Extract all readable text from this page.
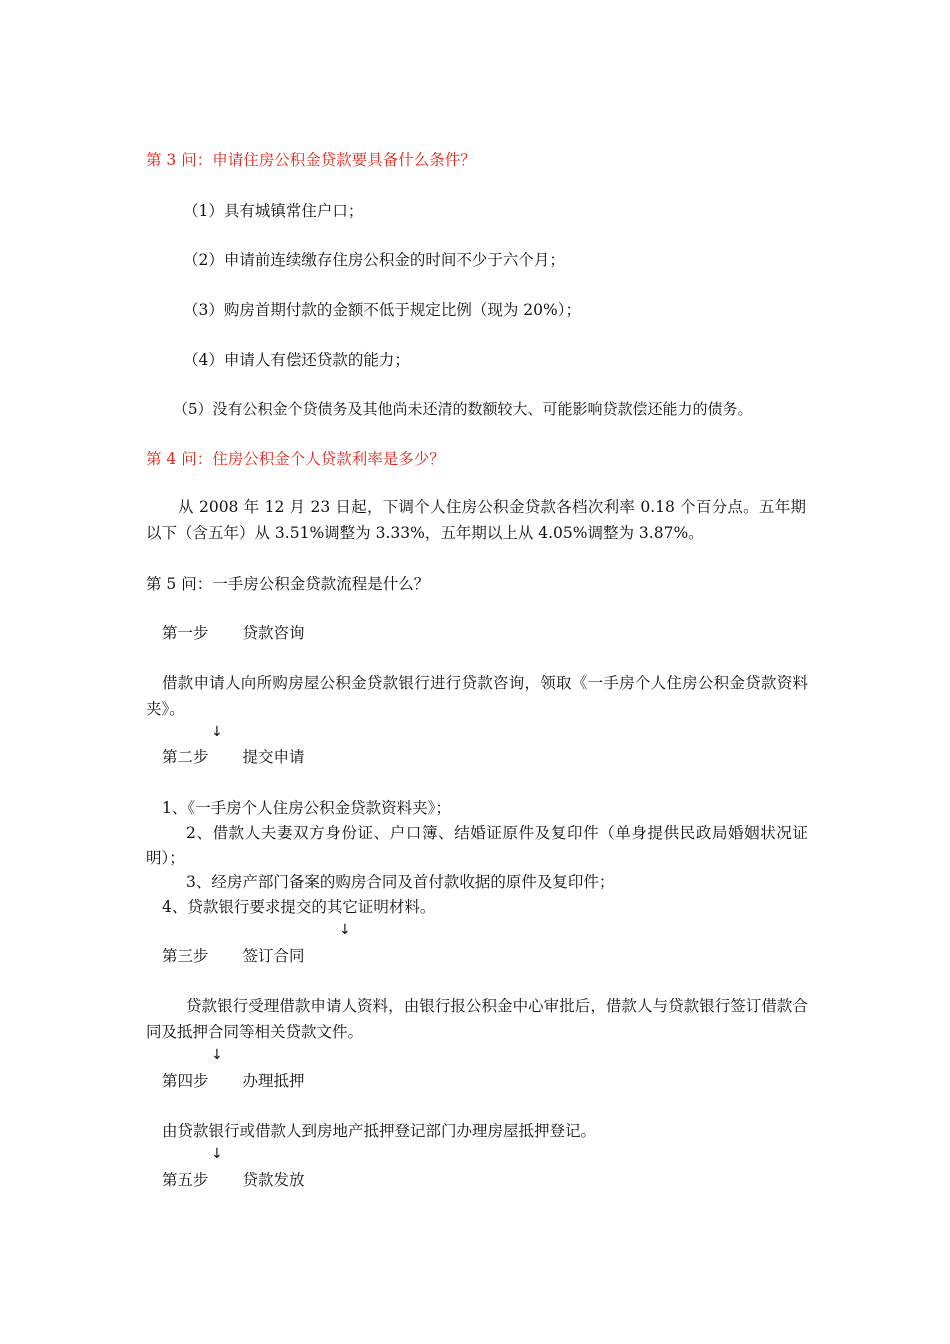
第 3 问：申请住房公积金贷款要具备什么条件？
（1）具有城镇常住户口；
（2）申请前连续缴存住房公积金的时间不少于六个月；
（3）购房首期付款的金额不低于规定比例（现为 20%）；
（4）申请人有偿还贷款的能力；
（5）没有公积金个贷债务及其他尚未还清的数额较大、可能影响贷款偿还能力的债务。
第 4 问：住房公积金个人贷款利率是多少？
从 2008 年 12 月 23 日起，下调个人住房公积金贷款各档次利率 0.18 个百分点。五年期以下（含五年）从 3.51%调整为 3.33%，五年期以上从 4.05%调整为 3.87%。
第 5 问：一手房公积金贷款流程是什么？
第一步 贷款咨询
借款申请人向所购房屋公积金贷款银行进行贷款咨询，领取《一手房个人住房公积金贷款资料夹》。
↓
第二步 提交申请
1、《一手房个人住房公积金贷款资料夹》；
2、借款人夫妻双方身份证、户口簿、结婚证原件及复印件（单身提供民政局婚姻状况证明）；
3、经房产部门备案的购房合同及首付款收据的原件及复印件；
4、贷款银行要求提交的其它证明材料。
↓
第三步 签订合同
贷款银行受理借款申请人资料，由银行报公积金中心审批后，借款人与贷款银行签订借款合同及抵押合同等相关贷款文件。
↓
第四步 办理抵押
由贷款银行或借款人到房地产抵押登记部门办理房屋抵押登记。
↓
第五步 贷款发放
